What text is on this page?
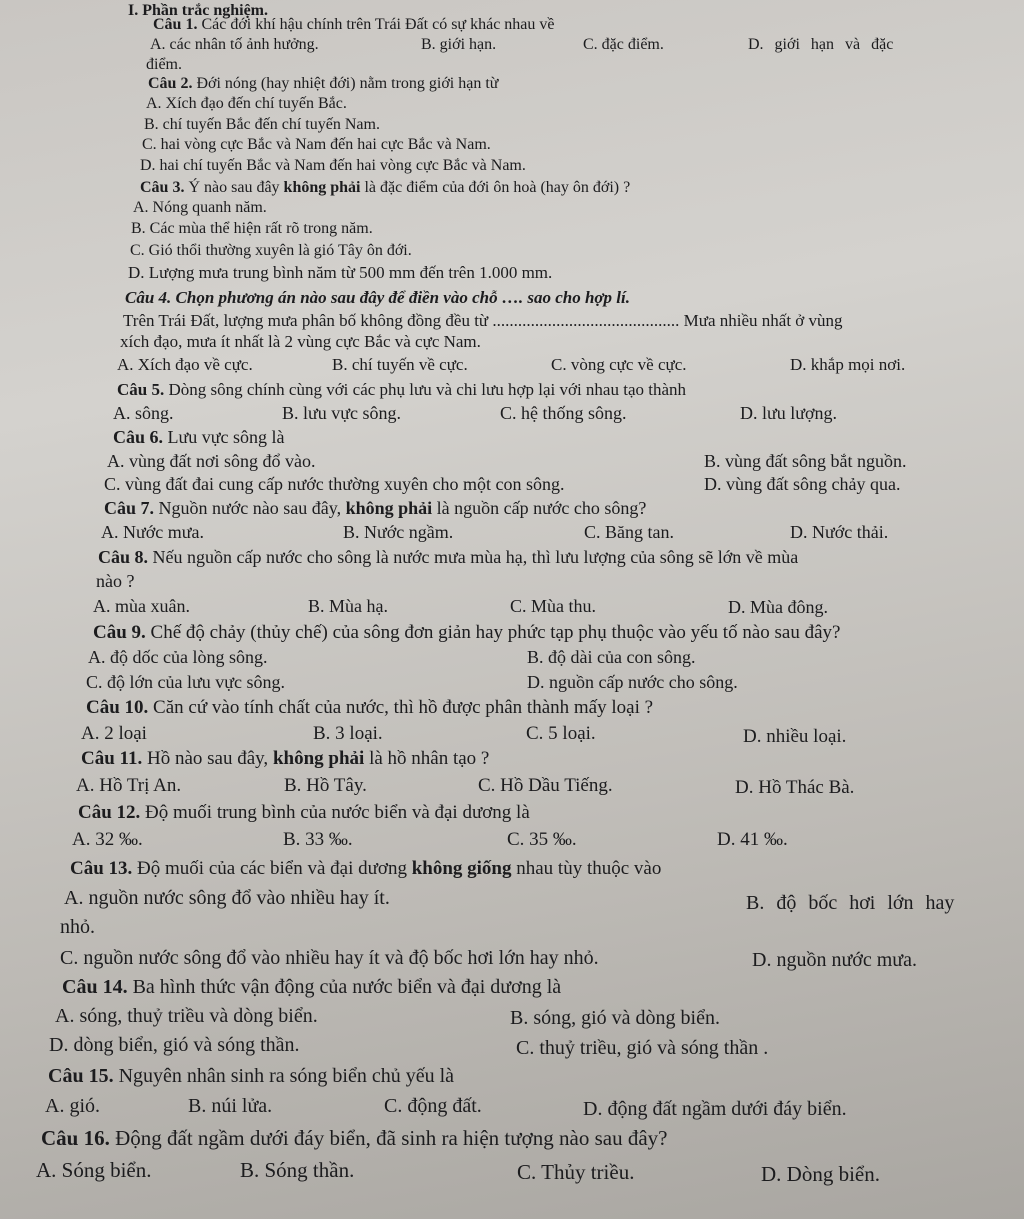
I. Phần trắc nghiệm.
Câu 1. Các đới khí hậu chính trên Trái Đất có sự khác nhau về
A. các nhân tố ảnh hưởng.	B. giới hạn.	C. đặc điểm.	D. giới hạn và đặc
điểm.
Câu 2. Đới nóng (hay nhiệt đới) nằm trong giới hạn từ
A. Xích đạo đến chí tuyến Bắc.
B. chí tuyến Bắc đến chí tuyến Nam.
C. hai vòng cực Bắc và Nam đến hai cực Bắc và Nam.
D. hai chí tuyến Bắc và Nam đến hai vòng cực Bắc và Nam.
Câu 3. Ý nào sau đây không phải là đặc điểm của đới ôn hoà (hay ôn đới) ?
A. Nóng quanh năm.
B. Các mùa thể hiện rất rõ trong năm.
C. Gió thổi thường xuyên là gió Tây ôn đới.
D. Lượng mưa trung bình năm từ 500 mm đến trên 1.000 mm.
Câu 4. Chọn phương án nào sau đây để điền vào chỗ …. sao cho hợp lí.
Trên Trái Đất, lượng mưa phân bố không đồng đều từ ............................................ Mưa nhiều nhất ở vùng
xích đạo, mưa ít nhất là 2 vùng cực Bắc và cực Nam.
A. Xích đạo về cực.	B. chí tuyến về cực.	C. vòng cực về cực.	D. khắp mọi nơi.
Câu 5. Dòng sông chính cùng với các phụ lưu và chi lưu hợp lại với nhau tạo thành
A. sông.	B. lưu vực sông.	C. hệ thống sông.	D. lưu lượng.
Câu 6. Lưu vực sông là
A. vùng đất nơi sông đổ vào.	B. vùng đất sông bắt nguồn.
C. vùng đất đai cung cấp nước thường xuyên cho một con sông.	D. vùng đất sông chảy qua.
Câu 7. Nguồn nước nào sau đây, không phải là nguồn cấp nước cho sông?
A. Nước mưa.	B. Nước ngầm.	C. Băng tan.	D. Nước thải.
Câu 8. Nếu nguồn cấp nước cho sông là nước mưa mùa hạ, thì lưu lượng của sông sẽ lớn về mùa
nào ?
A. mùa xuân.	B. Mùa hạ.	C. Mùa thu.	D. Mùa đông.
Câu 9. Chế độ chảy (thủy chế) của sông đơn giản hay phức tạp phụ thuộc vào yếu tố nào sau đây?
A. độ dốc của lòng sông.	B. độ dài của con sông.
C. độ lớn của lưu vực sông.	D. nguồn cấp nước cho sông.
Câu 10. Căn cứ vào tính chất của nước, thì hồ được phân thành mấy loại ?
A. 2 loại	B. 3 loại.	C. 5 loại.	D. nhiều loại.
Câu 11. Hồ nào sau đây, không phải là hồ nhân tạo ?
A. Hồ Trị An.	B. Hồ Tây.	C. Hồ Dầu Tiếng.	D. Hồ Thác Bà.
Câu 12. Độ muối trung bình của nước biển và đại dương là
A. 32 ‰.	B. 33 ‰.	C. 35 ‰.	D. 41 ‰.
Câu 13. Độ muối của các biển và đại dương không giống nhau tùy thuộc vào
A. nguồn nước sông đổ vào nhiều hay ít.	B. độ bốc hơi lớn hay
nhỏ.
C. nguồn nước sông đổ vào nhiều hay ít và độ bốc hơi lớn hay nhỏ.	D. nguồn nước mưa.
Câu 14. Ba hình thức vận động của nước biển và đại dương là
A. sóng, thuỷ triều và dòng biển.	B. sóng, gió và dòng biển.
D. dòng biển, gió và sóng thần.	C. thuỷ triều, gió và sóng thần .
Câu 15. Nguyên nhân sinh ra sóng biển chủ yếu là
A. gió.	B. núi lửa.	C. động đất.	D. động đất ngầm dưới đáy biển.
Câu 16. Động đất ngầm dưới đáy biển, đã sinh ra hiện tượng nào sau đây?
A. Sóng biển.	B. Sóng thần.	C. Thủy triều.	D. Dòng biển.
